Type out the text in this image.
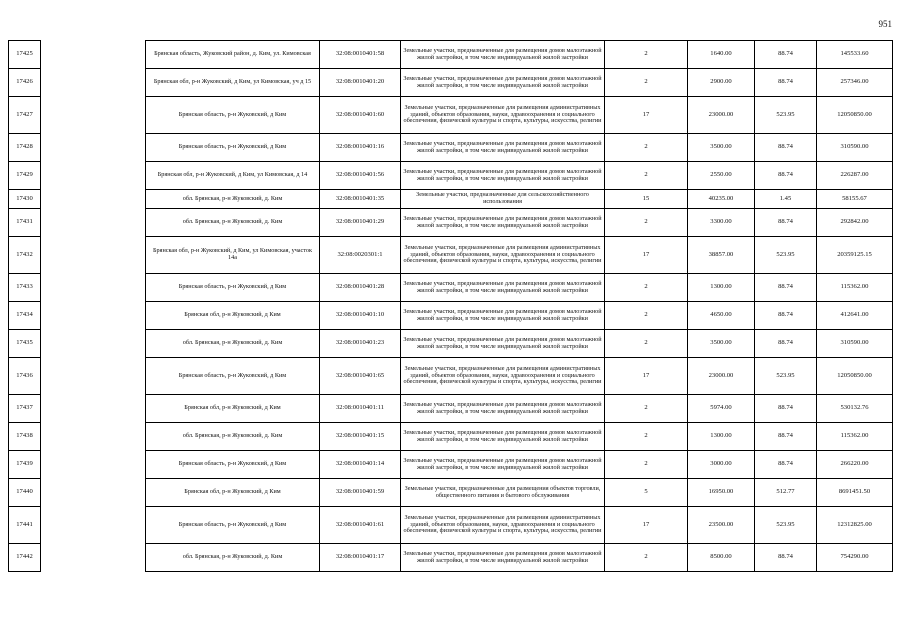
951
17425		Брянская область, Жуковский район, д. Ким, ул. Кимовская	32:08:0010401:58	Земельные участки, предназначенные для размещения домов малоэтажной жилой застройки, в том числе индивидуальной жилой застройки	2	1640.00	88.74	145533.60
17426		Брянская обл, р-н Жуковский, д Ким, ул Кимовская, уч д 15	32:08:0010401:20	Земельные участки, предназначенные для размещения домов малоэтажной жилой застройки, в том числе индивидуальной жилой застройки	2	2900.00	88.74	257346.00
17427		Брянская область, р-н Жуковский, д Ким	32:08:0010401:60	Земельные участки, предназначенные для размещения административных зданий, объектов образования, науки, здравоохранения и социального обеспечения, физической культуры и спорта, культуры, искусства, религии	17	23000.00	523.95	12050850.00
17428		Брянская область, р-н Жуковский, д Ким	32:08:0010401:16	Земельные участки, предназначенные для размещения домов малоэтажной жилой застройки, в том числе индивидуальной жилой застройки	2	3500.00	88.74	310590.00
17429		Брянская обл, р-н Жуковский, д Ким, ул Кимовская, д 14	32:08:0010401:56	Земельные участки, предназначенные для размещения домов малоэтажной жилой застройки, в том числе индивидуальной жилой застройки	2	2550.00	88.74	226287.00
17430		обл. Брянская, р-н Жуковский, д. Ким	32:08:0010401:35	Земельные участки, предназначенные для сельскохозяйственного использования	15	40235.00	1.45	58155.67
17431		обл. Брянская, р-н Жуковский, д. Ким	32:08:0010401:29	Земельные участки, предназначенные для размещения домов малоэтажной жилой застройки, в том числе индивидуальной жилой застройки	2	3300.00	88.74	292842.00
17432		Брянская обл, р-н Жуковский, д Ким, ул Кимовская, участок 14а	32:08:0020301:1	Земельные участки, предназначенные для размещения административных зданий, объектов образования, науки, здравоохранения и социального обеспечения, физической культуры и спорта, культуры, искусства, религии	17	38857.00	523.95	20359125.15
17433		Брянская область, р-н Жуковский, д Ким	32:08:0010401:28	Земельные участки, предназначенные для размещения домов малоэтажной жилой застройки, в том числе индивидуальной жилой застройки	2	1300.00	88.74	115362.00
17434		Брянская обл, р-н Жуковский, д Ким	32:08:0010401:10	Земельные участки, предназначенные для размещения домов малоэтажной жилой застройки, в том числе индивидуальной жилой застройки	2	4650.00	88.74	412641.00
17435		обл. Брянская, р-н Жуковский, д. Ким	32:08:0010401:23	Земельные участки, предназначенные для размещения домов малоэтажной жилой застройки, в том числе индивидуальной жилой застройки	2	3500.00	88.74	310590.00
17436		Брянская область, р-н Жуковский, д Ким	32:08:0010401:65	Земельные участки, предназначенные для размещения административных зданий, объектов образования, науки, здравоохранения и социального обеспечения, физической культуры и спорта, культуры, искусства, религии	17	23000.00	523.95	12050850.00
17437		Брянская обл, р-н Жуковский, д Ким	32:08:0010401:11	Земельные участки, предназначенные для размещения домов малоэтажной жилой застройки, в том числе индивидуальной жилой застройки	2	5974.00	88.74	530132.76
17438		обл. Брянская, р-н Жуковский, д. Ким	32:08:0010401:15	Земельные участки, предназначенные для размещения домов малоэтажной жилой застройки, в том числе индивидуальной жилой застройки	2	1300.00	88.74	115362.00
17439		Брянская область, р-н Жуковский, д Ким	32:08:0010401:14	Земельные участки, предназначенные для размещения домов малоэтажной жилой застройки, в том числе индивидуальной жилой застройки	2	3000.00	88.74	266220.00
17440		Брянская обл, р-н Жуковский, д Ким	32:08:0010401:59	Земельные участки, предназначенные для размещения объектов торговли, общественного питания и бытового обслуживания	5	16950.00	512.77	8691451.50
17441		Брянская область, р-н Жуковский, д Ким	32:08:0010401:61	Земельные участки, предназначенные для размещения административных зданий, объектов образования, науки, здравоохранения и социального обеспечения, физической культуры и спорта, культуры, искусства, религии	17	23500.00	523.95	12312825.00
17442		обл. Брянская, р-н Жуковский, д. Ким	32:08:0010401:17	Земельные участки, предназначенные для размещения домов малоэтажной жилой застройки, в том числе индивидуальной жилой застройки	2	8500.00	88.74	754290.00
